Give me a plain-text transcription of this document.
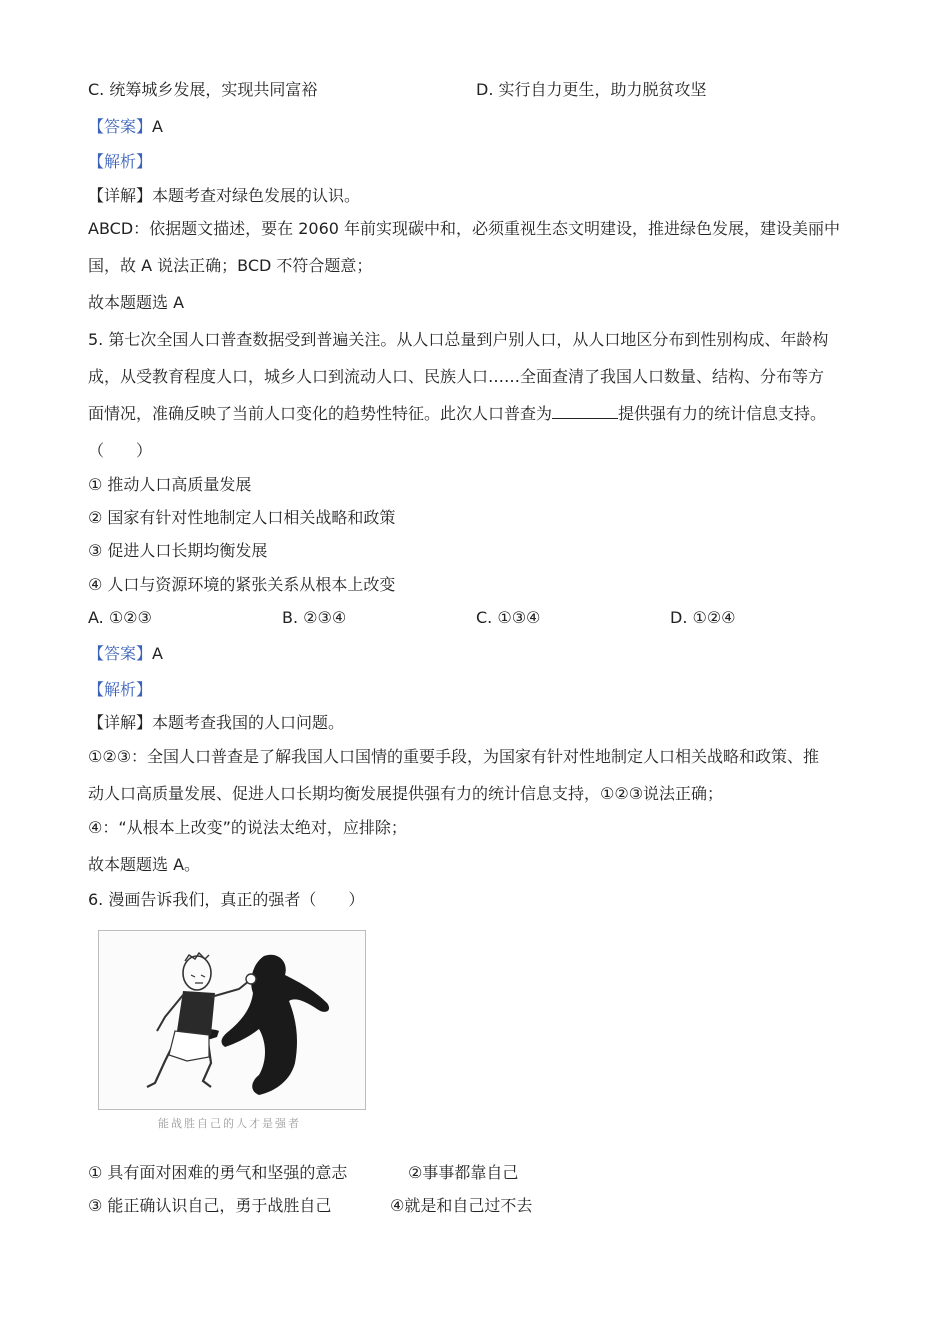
C. 统筹城乡发展，实现共同富裕	D. 实行自力更生，助力脱贫攻坚
【答案】A
【解析】
【详解】本题考查对绿色发展的认识。
ABCD：依据题文描述，要在 2060 年前实现碳中和，必须重视生态文明建设，推进绿色发展，建设美丽中
国，故 A 说法正确；BCD 不符合题意；
故本题题选 A
5. 第七次全国人口普查数据受到普遍关注。从人口总量到户别人口，从人口地区分布到性别构成、年龄构
成，从受教育程度人口，城乡人口到流动人口、民族人口……全面查清了我国人口数量、结构、分布等方
面情况，准确反映了当前人口变化的趋势性特征。此次人口普查为	提供强有力的统计信息支持。
（　　）
① 推动人口高质量发展
② 国家有针对性地制定人口相关战略和政策
③ 促进人口长期均衡发展
④ 人口与资源环境的紧张关系从根本上改变
A. ①②③	B. ②③④	C. ①③④	D. ①②④
【答案】A
【解析】
【详解】本题考查我国的人口问题。
①②③：全国人口普查是了解我国人口国情的重要手段，为国家有针对性地制定人口相关战略和政策、推
动人口高质量发展、促进人口长期均衡发展提供强有力的统计信息支持，①②③说法正确；
④：“从根本上改变”的说法太绝对，应排除；
故本题题选 A。
6. 漫画告诉我们，真正的强者（　　）
能战胜自己的人才是强者
① 具有面对困难的勇气和坚强的意志	②事事都靠自己
③ 能正确认识自己，勇于战胜自己	④就是和自己过不去
